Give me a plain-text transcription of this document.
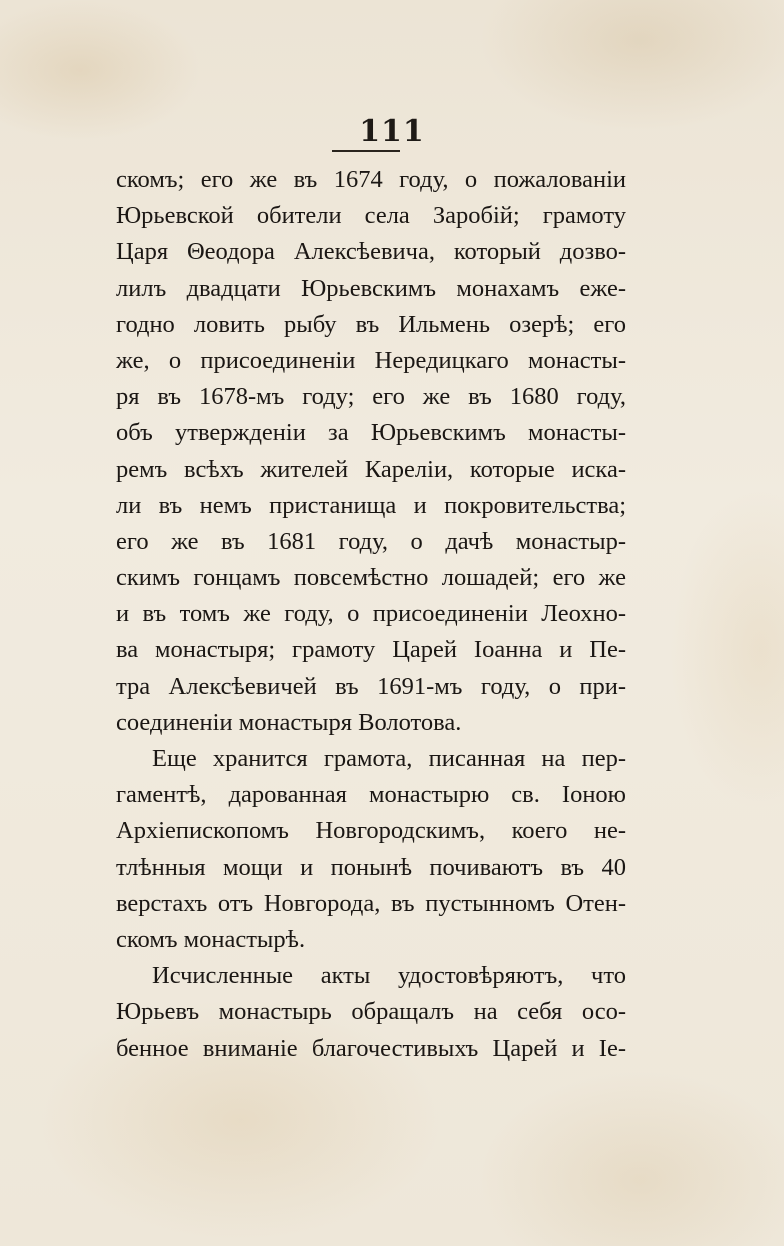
111
скомъ; его же въ 1674 году, о пожалованіи
Юрьевской обители села Заробій; грамоту
Царя Θеодора Алексѣевича, который дозво-
лилъ двадцати Юрьевскимъ монахамъ еже-
годно ловить рыбу въ Ильмень озерѣ; его
же, о присоединеніи Нередицкаго монасты-
ря въ 1678-мъ году; его же въ 1680 году,
объ утвержденіи за Юрьевскимъ монасты-
ремъ всѣхъ жителей Кареліи, которые иска-
ли въ немъ пристанища и покровительства;
его же въ 1681 году, о дачѣ монастыр-
скимъ гонцамъ повсемѣстно лошадей; его же
и въ томъ же году, о присоединеніи Леохно-
ва монастыря; грамоту Царей Іоанна и Пе-
тра Алексѣевичей въ 1691-мъ году, о при-
соединеніи монастыря Волотова.
Еще хранится грамота, писанная на пер-
гаментѣ, дарованная монастырю св. Іоною
Архіепископомъ Новгородскимъ, коего не-
тлѣнныя мощи и понынѣ почиваютъ въ 40
верстахъ отъ Новгорода, въ пустынномъ Отен-
скомъ монастырѣ.
Исчисленные акты удостовѣряютъ, что
Юрьевъ монастырь обращалъ на себя осо-
бенное вниманіе благочестивыхъ Царей и Іе-
